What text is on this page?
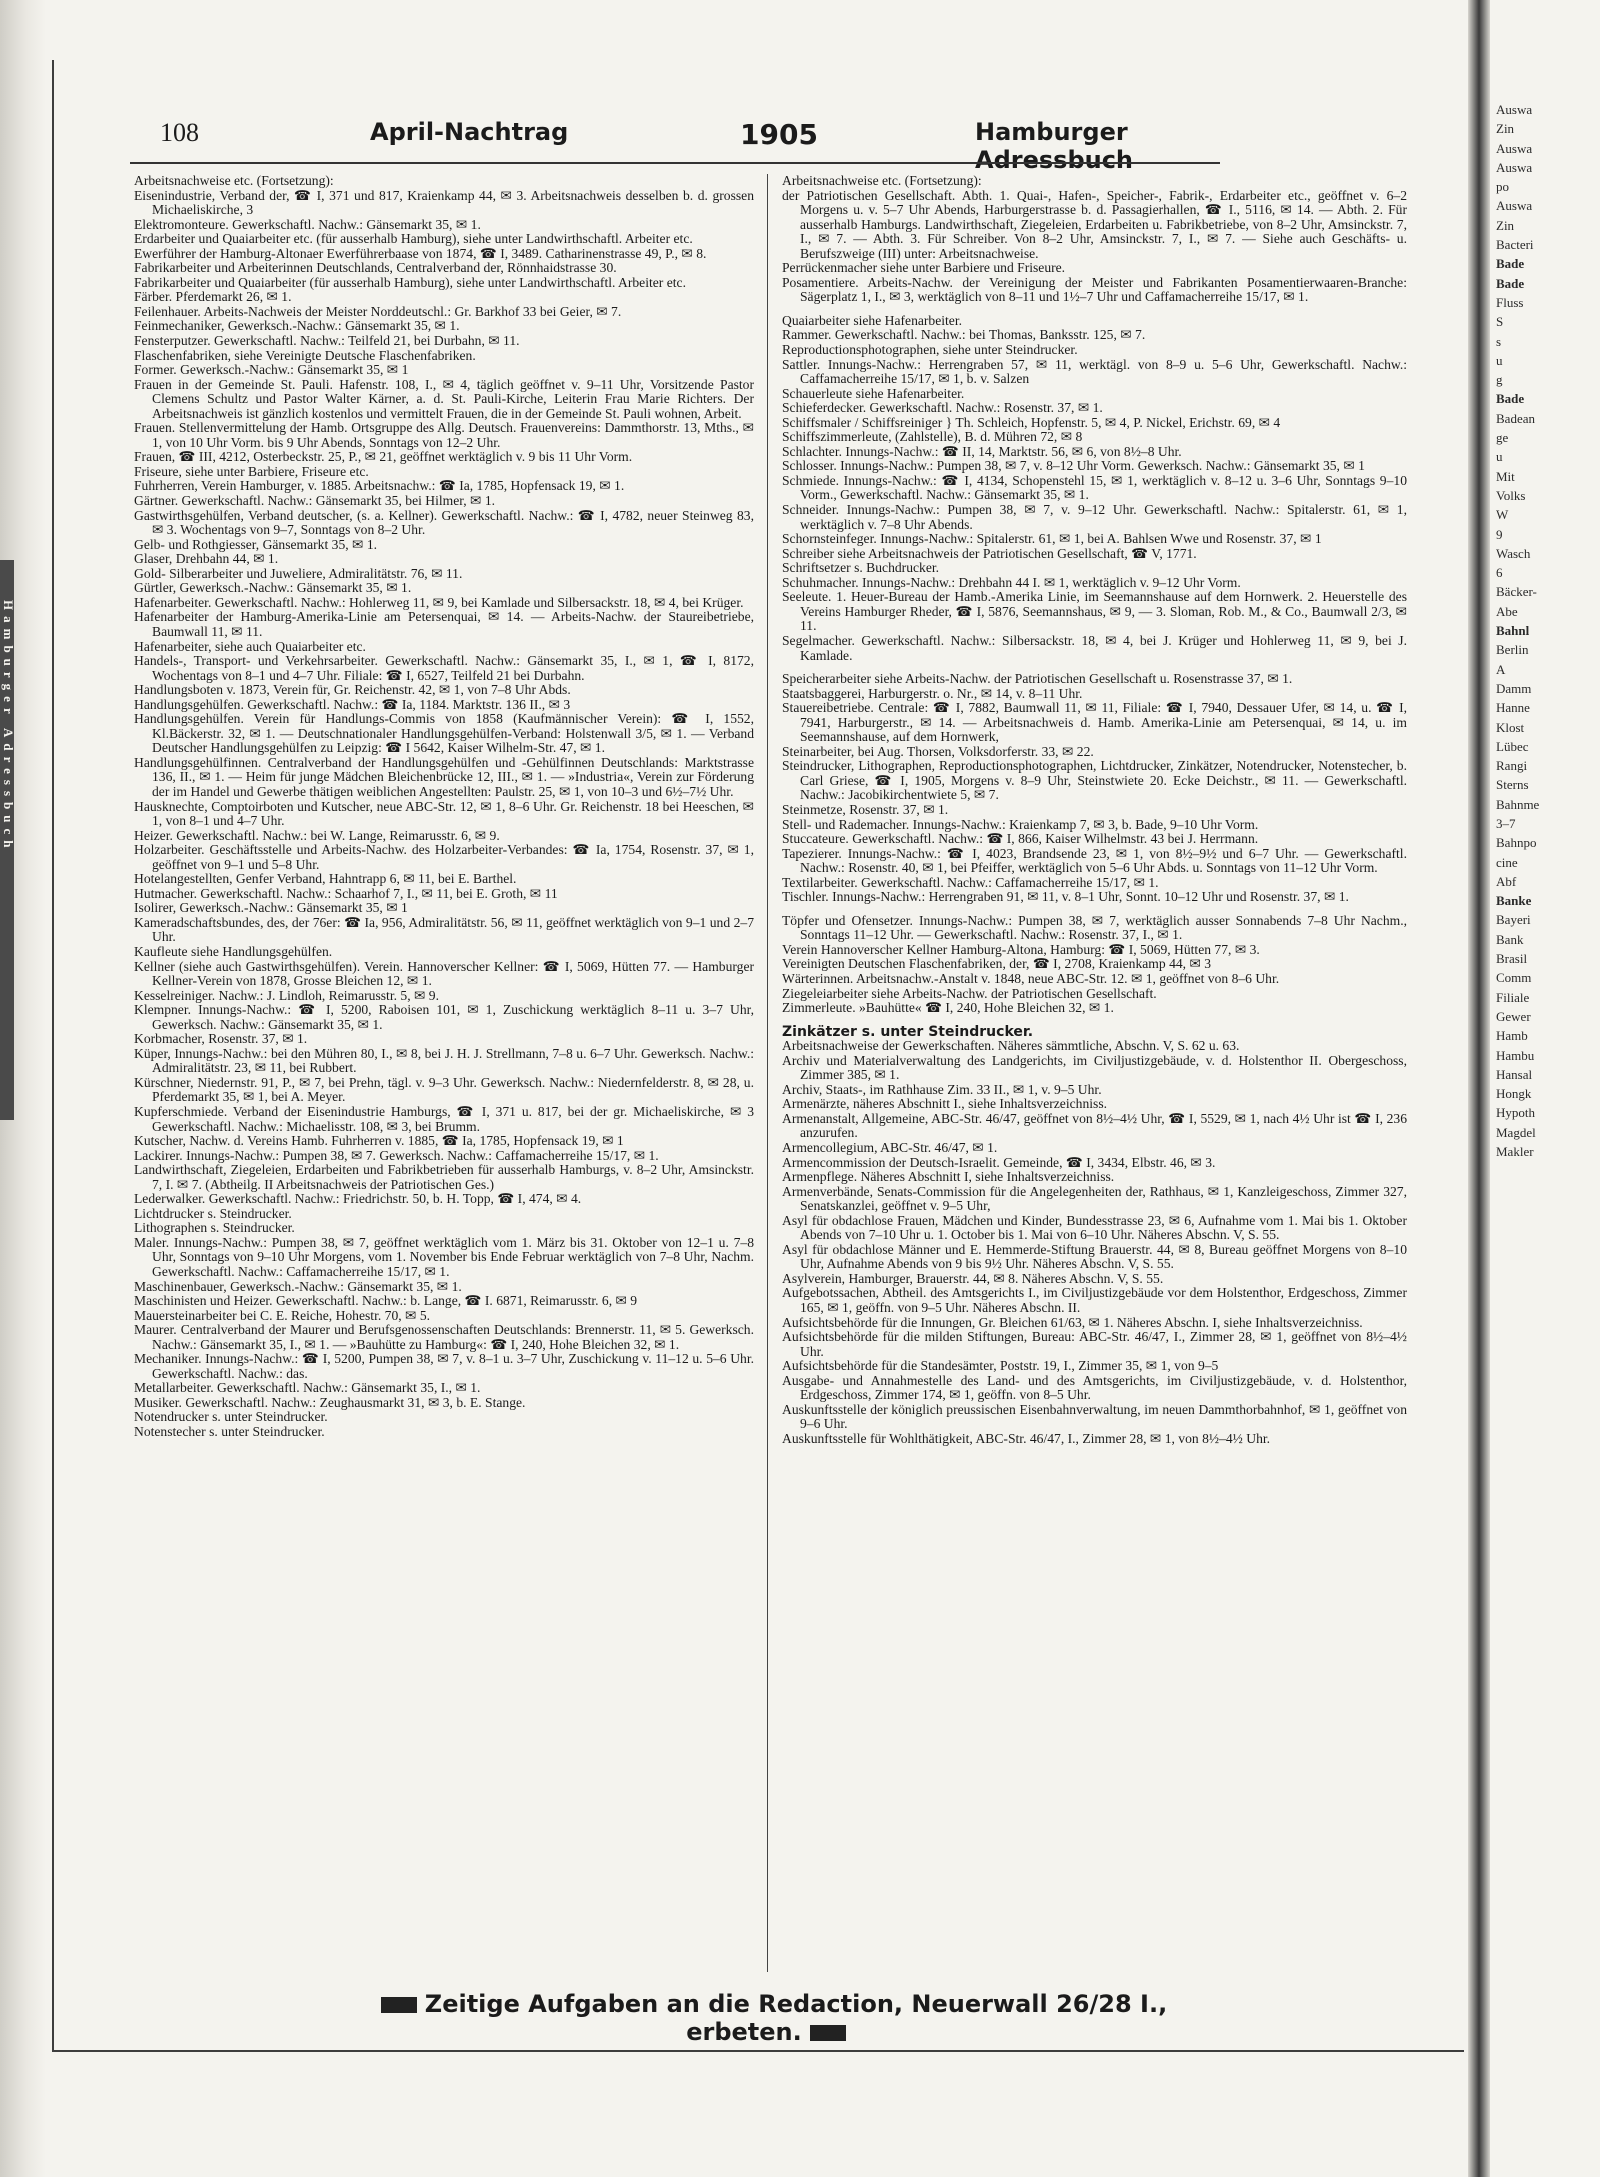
Hamburger Adressbuch
108	April-Nachtrag	1905	Hamburger Adressbuch

Arbeitsnachweise etc. (Fortsetzung):

Eisenindustrie, Verband der, ☎ I, 371 und 817, Kraienkamp 44, ✉ 3. Arbeitsnachweis desselben b. d. grossen Michaeliskirche, 3

Elektromonteure. Gewerkschaftl. Nachw.: Gänsemarkt 35, ✉ 1.

Erdarbeiter und Quaiarbeiter etc. (für ausserhalb Hamburg), siehe unter Landwirthschaftl. Arbeiter etc.

Ewerführer der Hamburg-Altonaer Ewerführerbaase von 1874, ☎ I, 3489. Catharinenstrasse 49, P., ✉ 8.

Fabrikarbeiter und Arbeiterinnen Deutschlands, Centralverband der, Rönnhaidstrasse 30.

Fabrikarbeiter und Quaiarbeiter (für ausserhalb Hamburg), siehe unter Landwirthschaftl. Arbeiter etc.

Färber. Pferdemarkt 26, ✉ 1.

Feilenhauer. Arbeits-Nachweis der Meister Norddeutschl.: Gr. Barkhof 33 bei Geier, ✉ 7.

Feinmechaniker, Gewerksch.-Nachw.: Gänsemarkt 35, ✉ 1.

Fensterputzer. Gewerkschaftl. Nachw.: Teilfeld 21, bei Durbahn, ✉ 11.

Flaschenfabriken, siehe Vereinigte Deutsche Flaschenfabriken.

Former. Gewerksch.-Nachw.: Gänsemarkt 35, ✉ 1

Frauen in der Gemeinde St. Pauli. Hafenstr. 108, I., ✉ 4, täglich geöffnet v. 9–11 Uhr, Vorsitzende Pastor Clemens Schultz und Pastor Walter Kärner, a. d. St. Pauli-Kirche, Leiterin Frau Marie Richters. Der Arbeitsnachweis ist gänzlich kostenlos und vermittelt Frauen, die in der Gemeinde St. Pauli wohnen, Arbeit.

Frauen. Stellenvermittelung der Hamb. Ortsgruppe des Allg. Deutsch. Frauenvereins: Dammthorstr. 13, Mths., ✉ 1, von 10 Uhr Vorm. bis 9 Uhr Abends, Sonntags von 12–2 Uhr.

Frauen, ☎ III, 4212, Osterbeckstr. 25, P., ✉ 21, geöffnet werktäglich v. 9 bis 11 Uhr Vorm.

Friseure, siehe unter Barbiere, Friseure etc.

Fuhrherren, Verein Hamburger, v. 1885. Arbeitsnachw.: ☎ Ia, 1785, Hopfensack 19, ✉ 1.

Gärtner. Gewerkschaftl. Nachw.: Gänsemarkt 35, bei Hilmer, ✉ 1.

Gastwirthsgehülfen, Verband deutscher, (s. a. Kellner). Gewerkschaftl. Nachw.: ☎ I, 4782, neuer Steinweg 83, ✉ 3. Wochentags von 9–7, Sonntags von 8–2 Uhr.

Gelb- und Rothgiesser, Gänsemarkt 35, ✉ 1.

Glaser, Drehbahn 44, ✉ 1.

Gold- Silberarbeiter und Juweliere, Admiralitätstr. 76, ✉ 11.

Gürtler, Gewerksch.-Nachw.: Gänsemarkt 35, ✉ 1.

Hafenarbeiter. Gewerkschaftl. Nachw.: Hohlerweg 11, ✉ 9, bei Kamlade und Silbersackstr. 18, ✉ 4, bei Krüger.

Hafenarbeiter der Hamburg-Amerika-Linie am Petersenquai, ✉ 14. — Arbeits-Nachw. der Staureibetriebe, Baumwall 11, ✉ 11.

Hafenarbeiter, siehe auch Quaiarbeiter etc.

Handels-, Transport- und Verkehrsarbeiter. Gewerkschaftl. Nachw.: Gänsemarkt 35, I., ✉ 1, ☎ I, 8172, Wochentags von 8–1 und 4–7 Uhr. Filiale: ☎ I, 6527, Teilfeld 21 bei Durbahn.

Handlungsboten v. 1873, Verein für, Gr. Reichenstr. 42, ✉ 1, von 7–8 Uhr Abds.

Handlungsgehülfen. Gewerkschaftl. Nachw.: ☎ Ia, 1184. Marktstr. 136 II., ✉ 3

Handlungsgehülfen. Verein für Handlungs-Commis von 1858 (Kaufmännischer Verein): ☎ I, 1552, Kl.Bäckerstr. 32, ✉ 1. — Deutschnationaler Handlungsgehülfen-Verband: Holstenwall 3/5, ✉ 1. — Verband Deutscher Handlungsgehülfen zu Leipzig: ☎ I 5642, Kaiser Wilhelm-Str. 47, ✉ 1.

Handlungsgehülfinnen. Centralverband der Handlungsgehülfen und -Gehülfinnen Deutschlands: Marktstrasse 136, II., ✉ 1. — Heim für junge Mädchen Bleichenbrücke 12, III., ✉ 1. — »Industria«, Verein zur Förderung der im Handel und Gewerbe thätigen weiblichen Angestellten: Paulstr. 25, ✉ 1, von 10–3 und 6½–7½ Uhr.

Hausknechte, Comptoirboten und Kutscher, neue ABC-Str. 12, ✉ 1, 8–6 Uhr. Gr. Reichenstr. 18 bei Heeschen, ✉ 1, von 8–1 und 4–7 Uhr.

Heizer. Gewerkschaftl. Nachw.: bei W. Lange, Reimarusstr. 6, ✉ 9.

Holzarbeiter. Geschäftsstelle und Arbeits-Nachw. des Holzarbeiter-Verbandes: ☎ Ia, 1754, Rosenstr. 37, ✉ 1, geöffnet von 9–1 und 5–8 Uhr.

Hotelangestellten, Genfer Verband, Hahntrapp 6, ✉ 11, bei E. Barthel.

Hutmacher. Gewerkschaftl. Nachw.: Schaarhof 7, I., ✉ 11, bei E. Groth, ✉ 11

Isolirer, Gewerksch.-Nachw.: Gänsemarkt 35, ✉ 1

Kameradschaftsbundes, des, der 76er: ☎ Ia, 956, Admiralitätstr. 56, ✉ 11, geöffnet werktäglich von 9–1 und 2–7 Uhr.

Kaufleute siehe Handlungsgehülfen.

Kellner (siehe auch Gastwirthsgehülfen). Verein. Hannoverscher Kellner: ☎ I, 5069, Hütten 77. — Hamburger Kellner-Verein von 1878, Grosse Bleichen 12, ✉ 1.

Kesselreiniger. Nachw.: J. Lindloh, Reimarusstr. 5, ✉ 9.

Klempner. Innungs-Nachw.: ☎ I, 5200, Raboisen 101, ✉ 1, Zuschickung werktäglich 8–11 u. 3–7 Uhr, Gewerksch. Nachw.: Gänsemarkt 35, ✉ 1.

Korbmacher, Rosenstr. 37, ✉ 1.

Küper, Innungs-Nachw.: bei den Mühren 80, I., ✉ 8, bei J. H. J. Strellmann, 7–8 u. 6–7 Uhr. Gewerksch. Nachw.: Admiralitätstr. 23, ✉ 11, bei Rubbert.

Kürschner, Niedernstr. 91, P., ✉ 7, bei Prehn, tägl. v. 9–3 Uhr. Gewerksch. Nachw.: Niedernfelderstr. 8, ✉ 28, u. Pferdemarkt 35, ✉ 1, bei A. Meyer.

Kupferschmiede. Verband der Eisenindustrie Hamburgs, ☎ I, 371 u. 817, bei der gr. Michaeliskirche, ✉ 3 Gewerkschaftl. Nachw.: Michaelisstr. 108, ✉ 3, bei Brumm.

Kutscher, Nachw. d. Vereins Hamb. Fuhrherren v. 1885, ☎ Ia, 1785, Hopfensack 19, ✉ 1

Lackirer. Innungs-Nachw.: Pumpen 38, ✉ 7. Gewerksch. Nachw.: Caffamacherreihe 15/17, ✉ 1.

Landwirthschaft, Ziegeleien, Erdarbeiten und Fabrikbetrieben für ausserhalb Hamburgs, v. 8–2 Uhr, Amsinckstr. 7, I. ✉ 7. (Abtheilg. II Arbeitsnachweis der Patriotischen Ges.)

Lederwalker. Gewerkschaftl. Nachw.: Friedrichstr. 50, b. H. Topp, ☎ I, 474, ✉ 4.

Lichtdrucker s. Steindrucker.

Lithographen s. Steindrucker.

Maler. Innungs-Nachw.: Pumpen 38, ✉ 7, geöffnet werktäglich vom 1. März bis 31. Oktober von 12–1 u. 7–8 Uhr, Sonntags von 9–10 Uhr Morgens, vom 1. November bis Ende Februar werktäglich von 7–8 Uhr, Nachm. Gewerkschaftl. Nachw.: Caffamacherreihe 15/17, ✉ 1.

Maschinenbauer, Gewerksch.-Nachw.: Gänsemarkt 35, ✉ 1.

Maschinisten und Heizer. Gewerkschaftl. Nachw.: b. Lange, ☎ I. 6871, Reimarusstr. 6, ✉ 9

Mauersteinarbeiter bei C. E. Reiche, Hohestr. 70, ✉ 5.

Maurer. Centralverband der Maurer und Berufsgenossenschaften Deutschlands: Brennerstr. 11, ✉ 5. Gewerksch. Nachw.: Gänsemarkt 35, I., ✉ 1. — »Bauhütte zu Hamburg«: ☎ I, 240, Hohe Bleichen 32, ✉ 1.

Mechaniker. Innungs-Nachw.: ☎ I, 5200, Pumpen 38, ✉ 7, v. 8–1 u. 3–7 Uhr, Zuschickung v. 11–12 u. 5–6 Uhr. Gewerkschaftl. Nachw.: das.

Metallarbeiter. Gewerkschaftl. Nachw.: Gänsemarkt 35, I., ✉ 1.

Musiker. Gewerkschaftl. Nachw.: Zeughausmarkt 31, ✉ 3, b. E. Stange.

Notendrucker s. unter Steindrucker.

Notenstecher s. unter Steindrucker.

Arbeitsnachweise etc. (Fortsetzung):

der Patriotischen Gesellschaft. Abth. 1. Quai-, Hafen-, Speicher-, Fabrik-, Erdarbeiter etc., geöffnet v. 6–2 Morgens u. v. 5–7 Uhr Abends, Harburgerstrasse b. d. Passagierhallen, ☎ I., 5116, ✉ 14. — Abth. 2. Für ausserhalb Hamburgs. Landwirthschaft, Ziegeleien, Erdarbeiten u. Fabrikbetriebe, von 8–2 Uhr, Amsinckstr. 7, I., ✉ 7. — Abth. 3. Für Schreiber. Von 8–2 Uhr, Amsinckstr. 7, I., ✉ 7. — Siehe auch Geschäfts- u. Berufszweige (III) unter: Arbeitsnachweise.

Perrückenmacher siehe unter Barbiere und Friseure.

Posamentiere. Arbeits-Nachw. der Vereinigung der Meister und Fabrikanten Posamentierwaaren-Branche: Sägerplatz 1, I., ✉ 3, werktäglich von 8–11 und 1½–7 Uhr und Caffamacherreihe 15/17, ✉ 1.

Quaiarbeiter siehe Hafenarbeiter.

Rammer. Gewerkschaftl. Nachw.: bei Thomas, Banksstr. 125, ✉ 7.

Reproductionsphotographen, siehe unter Steindrucker.

Sattler. Innungs-Nachw.: Herrengraben 57, ✉ 11, werktägl. von 8–9 u. 5–6 Uhr, Gewerkschaftl. Nachw.: Caffamacherreihe 15/17, ✉ 1, b. v. Salzen

Schauerleute siehe Hafenarbeiter.

Schieferdecker. Gewerkschaftl. Nachw.: Rosenstr. 37, ✉ 1.

Schiffsmaler / Schiffsreiniger } Th. Schleich, Hopfenstr. 5, ✉ 4, P. Nickel, Erichstr. 69, ✉ 4

Schiffszimmerleute, (Zahlstelle), B. d. Mühren 72, ✉ 8

Schlachter. Innungs-Nachw.: ☎ II, 14, Marktstr. 56, ✉ 6, von 8½–8 Uhr.

Schlosser. Innungs-Nachw.: Pumpen 38, ✉ 7, v. 8–12 Uhr Vorm. Gewerksch. Nachw.: Gänsemarkt 35, ✉ 1

Schmiede. Innungs-Nachw.: ☎ I, 4134, Schopenstehl 15, ✉ 1, werktäglich v. 8–12 u. 3–6 Uhr, Sonntags 9–10 Vorm., Gewerkschaftl. Nachw.: Gänsemarkt 35, ✉ 1.

Schneider. Innungs-Nachw.: Pumpen 38, ✉ 7, v. 9–12 Uhr. Gewerkschaftl. Nachw.: Spitalerstr. 61, ✉ 1, werktäglich v. 7–8 Uhr Abends.

Schornsteinfeger. Innungs-Nachw.: Spitalerstr. 61, ✉ 1, bei A. Bahlsen Wwe und Rosenstr. 37, ✉ 1

Schreiber siehe Arbeitsnachweis der Patriotischen Gesellschaft, ☎ V, 1771.

Schriftsetzer s. Buchdrucker.

Schuhmacher. Innungs-Nachw.: Drehbahn 44 I. ✉ 1, werktäglich v. 9–12 Uhr Vorm.

Seeleute. 1. Heuer-Bureau der Hamb.-Amerika Linie, im Seemannshause auf dem Hornwerk. 2. Heuerstelle des Vereins Hamburger Rheder, ☎ I, 5876, Seemannshaus, ✉ 9, — 3. Sloman, Rob. M., & Co., Baumwall 2/3, ✉ 11.

Segelmacher. Gewerkschaftl. Nachw.: Silbersackstr. 18, ✉ 4, bei J. Krüger und Hohlerweg 11, ✉ 9, bei J. Kamlade.

Speicherarbeiter siehe Arbeits-Nachw. der Patriotischen Gesellschaft u. Rosenstrasse 37, ✉ 1.

Staatsbaggerei, Harburgerstr. o. Nr., ✉ 14, v. 8–11 Uhr.

Stauereibetriebe. Centrale: ☎ I, 7882, Baumwall 11, ✉ 11, Filiale: ☎ I, 7940, Dessauer Ufer, ✉ 14, u. ☎ I, 7941, Harburgerstr., ✉ 14. — Arbeitsnachweis d. Hamb. Amerika-Linie am Petersenquai, ✉ 14, u. im Seemannshause, auf dem Hornwerk,

Steinarbeiter, bei Aug. Thorsen, Volksdorferstr. 33, ✉ 22.

Steindrucker, Lithographen, Reproductionsphotographen, Lichtdrucker, Zinkätzer, Notendrucker, Notenstecher, b. Carl Griese, ☎ I, 1905, Morgens v. 8–9 Uhr, Steinstwiete 20. Ecke Deichstr., ✉ 11. — Gewerkschaftl. Nachw.: Jacobikirchentwiete 5, ✉ 7.

Steinmetze, Rosenstr. 37, ✉ 1.

Stell- und Rademacher. Innungs-Nachw.: Kraienkamp 7, ✉ 3, b. Bade, 9–10 Uhr Vorm.

Stuccateure. Gewerkschaftl. Nachw.: ☎ I, 866, Kaiser Wilhelmstr. 43 bei J. Herrmann.

Tapezierer. Innungs-Nachw.: ☎ I, 4023, Brandsende 23, ✉ 1, von 8½–9½ und 6–7 Uhr. — Gewerkschaftl. Nachw.: Rosenstr. 40, ✉ 1, bei Pfeiffer, werktäglich von 5–6 Uhr Abds. u. Sonntags von 11–12 Uhr Vorm.

Textilarbeiter. Gewerkschaftl. Nachw.: Caffamacherreihe 15/17, ✉ 1.

Tischler. Innungs-Nachw.: Herrengraben 91, ✉ 11, v. 8–1 Uhr, Sonnt. 10–12 Uhr und Rosenstr. 37, ✉ 1.

Töpfer und Ofensetzer. Innungs-Nachw.: Pumpen 38, ✉ 7, werktäglich ausser Sonnabends 7–8 Uhr Nachm., Sonntags 11–12 Uhr. — Gewerkschaftl. Nachw.: Rosenstr. 37, I., ✉ 1.

Verein Hannoverscher Kellner Hamburg-Altona, Hamburg: ☎ I, 5069, Hütten 77, ✉ 3.

Vereinigten Deutschen Flaschenfabriken, der, ☎ I, 2708, Kraienkamp 44, ✉ 3

Wärterinnen. Arbeitsnachw.-Anstalt v. 1848, neue ABC-Str. 12. ✉ 1, geöffnet von 8–6 Uhr.

Ziegeleiarbeiter siehe Arbeits-Nachw. der Patriotischen Gesellschaft.

Zimmerleute. »Bauhütte« ☎ I, 240, Hohe Bleichen 32, ✉ 1.

Zinkätzer s. unter Steindrucker.

Arbeitsnachweise der Gewerkschaften. Näheres sämmtliche, Abschn. V, S. 62 u. 63.

Archiv und Materialverwaltung des Landgerichts, im Civiljustizgebäude, v. d. Holstenthor II. Obergeschoss, Zimmer 385, ✉ 1.

Archiv, Staats-, im Rathhause Zim. 33 II., ✉ 1, v. 9–5 Uhr.

Armenärzte, näheres Abschnitt I., siehe Inhaltsverzeichniss.

Armenanstalt, Allgemeine, ABC-Str. 46/47, geöffnet von 8½–4½ Uhr, ☎ I, 5529, ✉ 1, nach 4½ Uhr ist ☎ I, 236 anzurufen.

Armencollegium, ABC-Str. 46/47, ✉ 1.

Armencommission der Deutsch-Israelit. Gemeinde, ☎ I, 3434, Elbstr. 46, ✉ 3.

Armenpflege. Näheres Abschnitt I, siehe Inhaltsverzeichniss.

Armenverbände, Senats-Commission für die Angelegenheiten der, Rathhaus, ✉ 1, Kanzleigeschoss, Zimmer 327, Senatskanzlei, geöffnet v. 9–5 Uhr,

Asyl für obdachlose Frauen, Mädchen und Kinder, Bundesstrasse 23, ✉ 6, Aufnahme vom 1. Mai bis 1. Oktober Abends von 7–10 Uhr u. 1. October bis 1. Mai von 6–10 Uhr. Näheres Abschn. V, S. 55.

Asyl für obdachlose Männer und E. Hemmerde-Stiftung Brauerstr. 44, ✉ 8, Bureau geöffnet Morgens von 8–10 Uhr, Aufnahme Abends von 9 bis 9½ Uhr. Näheres Abschn. V, S. 55.

Asylverein, Hamburger, Brauerstr. 44, ✉ 8. Näheres Abschn. V, S. 55.

Aufgebotssachen, Abtheil. des Amtsgerichts I., im Civiljustizgebäude vor dem Holstenthor, Erdgeschoss, Zimmer 165, ✉ 1, geöffn. von 9–5 Uhr. Näheres Abschn. II.

Aufsichtsbehörde für die Innungen, Gr. Bleichen 61/63, ✉ 1. Näheres Abschn. I, siehe Inhaltsverzeichniss.

Aufsichtsbehörde für die milden Stiftungen, Bureau: ABC-Str. 46/47, I., Zimmer 28, ✉ 1, geöffnet von 8½–4½ Uhr.

Aufsichtsbehörde für die Standesämter, Poststr. 19, I., Zimmer 35, ✉ 1, von 9–5

Ausgabe- und Annahmestelle des Land- und des Amtsgerichts, im Civiljustizgebäude, v. d. Holstenthor, Erdgeschoss, Zimmer 174, ✉ 1, geöffn. von 8–5 Uhr.

Auskunftsstelle der königlich preussischen Eisenbahnverwaltung, im neuen Dammthorbahnhof, ✉ 1, geöffnet von 9–6 Uhr.

Auskunftsstelle für Wohlthätigkeit, ABC-Str. 46/47, I., Zimmer 28, ✉ 1, von 8½–4½ Uhr.

Zeitige Aufgaben an die Redaction, Neuerwall 26/28 I., erbeten.
Auswa
Zin
Auswa
Auswa
po
Auswa
Zin
Bacteri
Bade
Bade
Fluss
S
s
u
g
Bade
Badean
ge
u
Mit
Volks
W
9
Wasch
6
Bäcker-
Abe
Bahnl
Berlin
A
Damm
Hanne
Klost
Lübec
Rangi
Sterns
Bahnme
3–7
Bahnpo
cine
Abf
Banke
Bayeri
Bank
Brasil
Comm
Filiale
Gewer
Hamb
Hambu
Hansal
Hongk
Hypoth
Magdel
Makler
